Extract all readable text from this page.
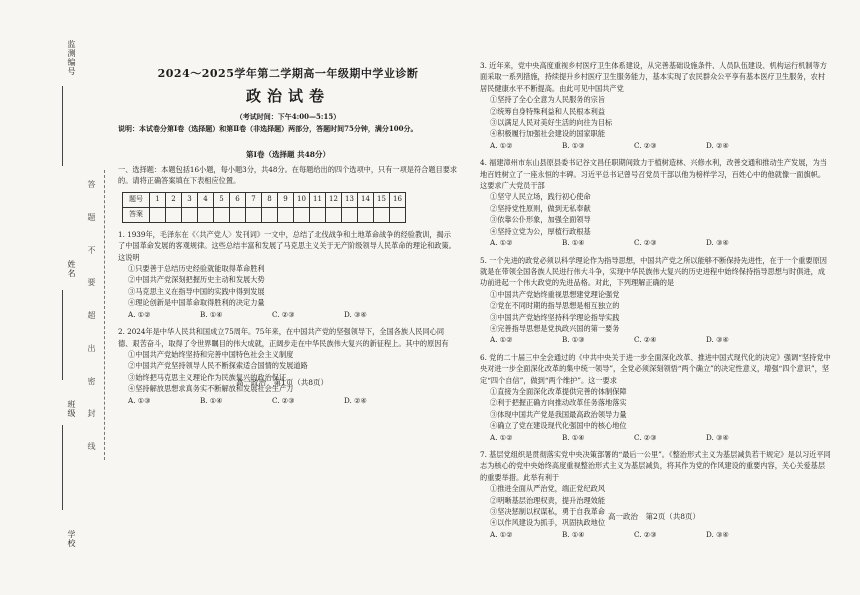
监测编号
姓名
班级
学校
答
题
不
要
超
出
密
封
线
2024～2025学年第二学期高一年级期中学业诊断
政治试卷
（考试时间：下午4:00—5:15）
说明：本试卷分第Ⅰ卷（选择题）和第Ⅱ卷（非选择题）两部分，答题时间75分钟，满分100分。
第Ⅰ卷（选择题 共48分）
一、选择题：本题包括16小题，每小题3分，共48分。在每题给出的四个选项中，只有一项是符合题目要求的。请将正确答案填在下表相应位置。
题号	1	2	3	4	5	6	7	8	9	10	11	12	13	14	15	16
答案																
1. 1939年，毛泽东在《〈共产党人〉发刊词》一文中，总结了北伐战争和土地革命战争的经验教训，揭示了中国革命发展的客观规律。这些总结丰富和发展了马克思主义关于无产阶级领导人民革命的理论和政策。这说明
①只要善于总结历史经验就能取得革命胜利
②中国共产党深刻把握历史主动和发展大势
③马克思主义在指导中国的实践中得到发展
④理论创新是中国革命取得胜利的决定力量
A. ①②	B. ①④	C. ②③	D. ③④
2. 2024年是中华人民共和国成立75周年。75年来，在中国共产党的坚强领导下，全国各族人民同心同德、艰苦奋斗，取得了令世界瞩目的伟大成就，正阔步走在中华民族伟大复兴的新征程上。其中的原因有
①中国共产党始终坚持和完善中国特色社会主义制度
②中国共产党坚持领导人民不断探索适合国情的发展道路
③始终把马克思主义理论作为民族复兴的政治保证
④坚持解放思想求真务实不断解放和发展社会生产力
A. ①③	B. ①④	C. ②③	D. ②④
高一政治　第1页（共8页）
3. 近年来，党中央高度重视乡村医疗卫生体系建设，从完善基础设施条件、人员队伍建设、机构运行机制等方面采取一系列措施，持续提升乡村医疗卫生服务能力，基本实现了农民群众公平享有基本医疗卫生服务，农村居民健康水平不断提高。由此可见中国共产党
①坚持了全心全意为人民服务的宗旨
②统筹自身特殊利益和人民根本利益
③以满足人民对美好生活的向往为目标
④积极履行加强社会建设的国家职能
A. ①②	B. ①③	C. ②③	D. ②④
4. 福建漳州市东山县原县委书记谷文昌任职期间致力于植树造林、兴修水利，改善交通和推动生产发展，为当地百姓树立了一座永恒的丰碑。习近平总书记曾号召党员干部以他为榜样学习，百姓心中的他就像一面旗帜。这要求广大党员干部
①坚守人民立场，践行初心使命
②坚持党性原则，做到无私奉献
③依靠公仆形象，加强全面领导
④坚持立党为公，厚植行政根基
A. ①②	B. ①④	C. ②③	D. ③④
5. 一个先进的政党必须以科学理论作为指导思想，中国共产党之所以能够不断保持先进性，在于一个重要原因就是在带领全国各族人民进行伟大斗争，实现中华民族伟大复兴的历史进程中始终保持指导思想与时俱进，成功前进起一个伟大政党的先进品格。对此，下列理解正确的是
①中国共产党始终重视思想建党理论强党
②党在不同时期的指导思想是相互独立的
③中国共产党始终坚持科学理论指导实践
④完善指导思想是党执政兴国的第一要务
A. ①②	B. ①③	C. ②④	D. ③④
6. 党的二十届三中全会通过的《中共中央关于进一步全面深化改革、推进中国式现代化的决定》强调“坚持党中央对进一步全面深化改革的集中统一领导”，全党必须深刻领悟“两个确立”的决定性意义，增强“四个意识”，坚定“四个自信”，做到“两个维护”。这一要求
①直接为全面深化改革提供完善的体制保障
②利于把握正确方向推动改革任务落地落实
③体现中国共产党是我国最高政治领导力量
④确立了党在建设现代化强国中的核心地位
A. ①②	B. ①④	C. ②③	D. ③④
7. 基层党组织是贯彻落实党中央决策部署的“最后一公里”。《整治形式主义为基层减负若干规定》是以习近平同志为核心的党中央始终高度重视整治形式主义为基层减负，将其作为党的作风建设的重要内容，关心关爱基层的重要举措。此举有利于
①推进全面从严治党，端正党纪政风
②明晰基层治理权责，提升治理效能
③坚决惩制以权谋私，勇于自我革命
④以作风建设为抓手，巩固执政地位
A. ①②	B. ①④	C. ②③	D. ③④
高一政治　第2页（共8页）
